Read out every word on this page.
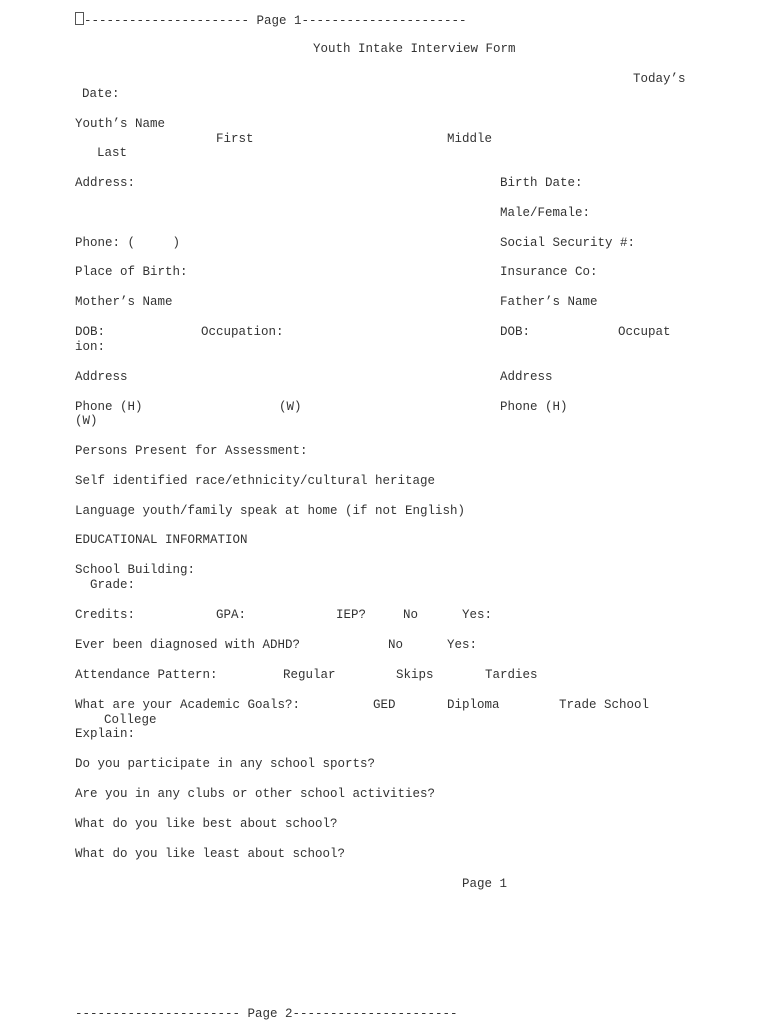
---------------------- Page 1----------------------
Youth Intake Interview Form
Today’s
Date:
Youth’s Name
First	Middle
Last
Address:	Birth Date:
Male/Female:
Phone: (     )	Social Security #:
Place of Birth:	Insurance Co:
Mother’s Name	Father’s Name
DOB:	Occupation:	DOB:	Occupat
ion:
Address	Address
Phone (H)	(W)	Phone (H)
(W)
Persons Present for Assessment:
Self identified race/ethnicity/cultural heritage
Language youth/family speak at home (if not English)
EDUCATIONAL INFORMATION
School Building:
Grade:
Credits:	GPA:	IEP?	No	Yes:
Ever been diagnosed with ADHD?	No	Yes:
Attendance Pattern:	Regular	Skips	Tardies
What are your Academic Goals?:	GED	Diploma	Trade School
College
Explain:
Do you participate in any school sports?
Are you in any clubs or other school activities?
What do you like best about school?
What do you like least about school?
Page 1
---------------------- Page 2----------------------
